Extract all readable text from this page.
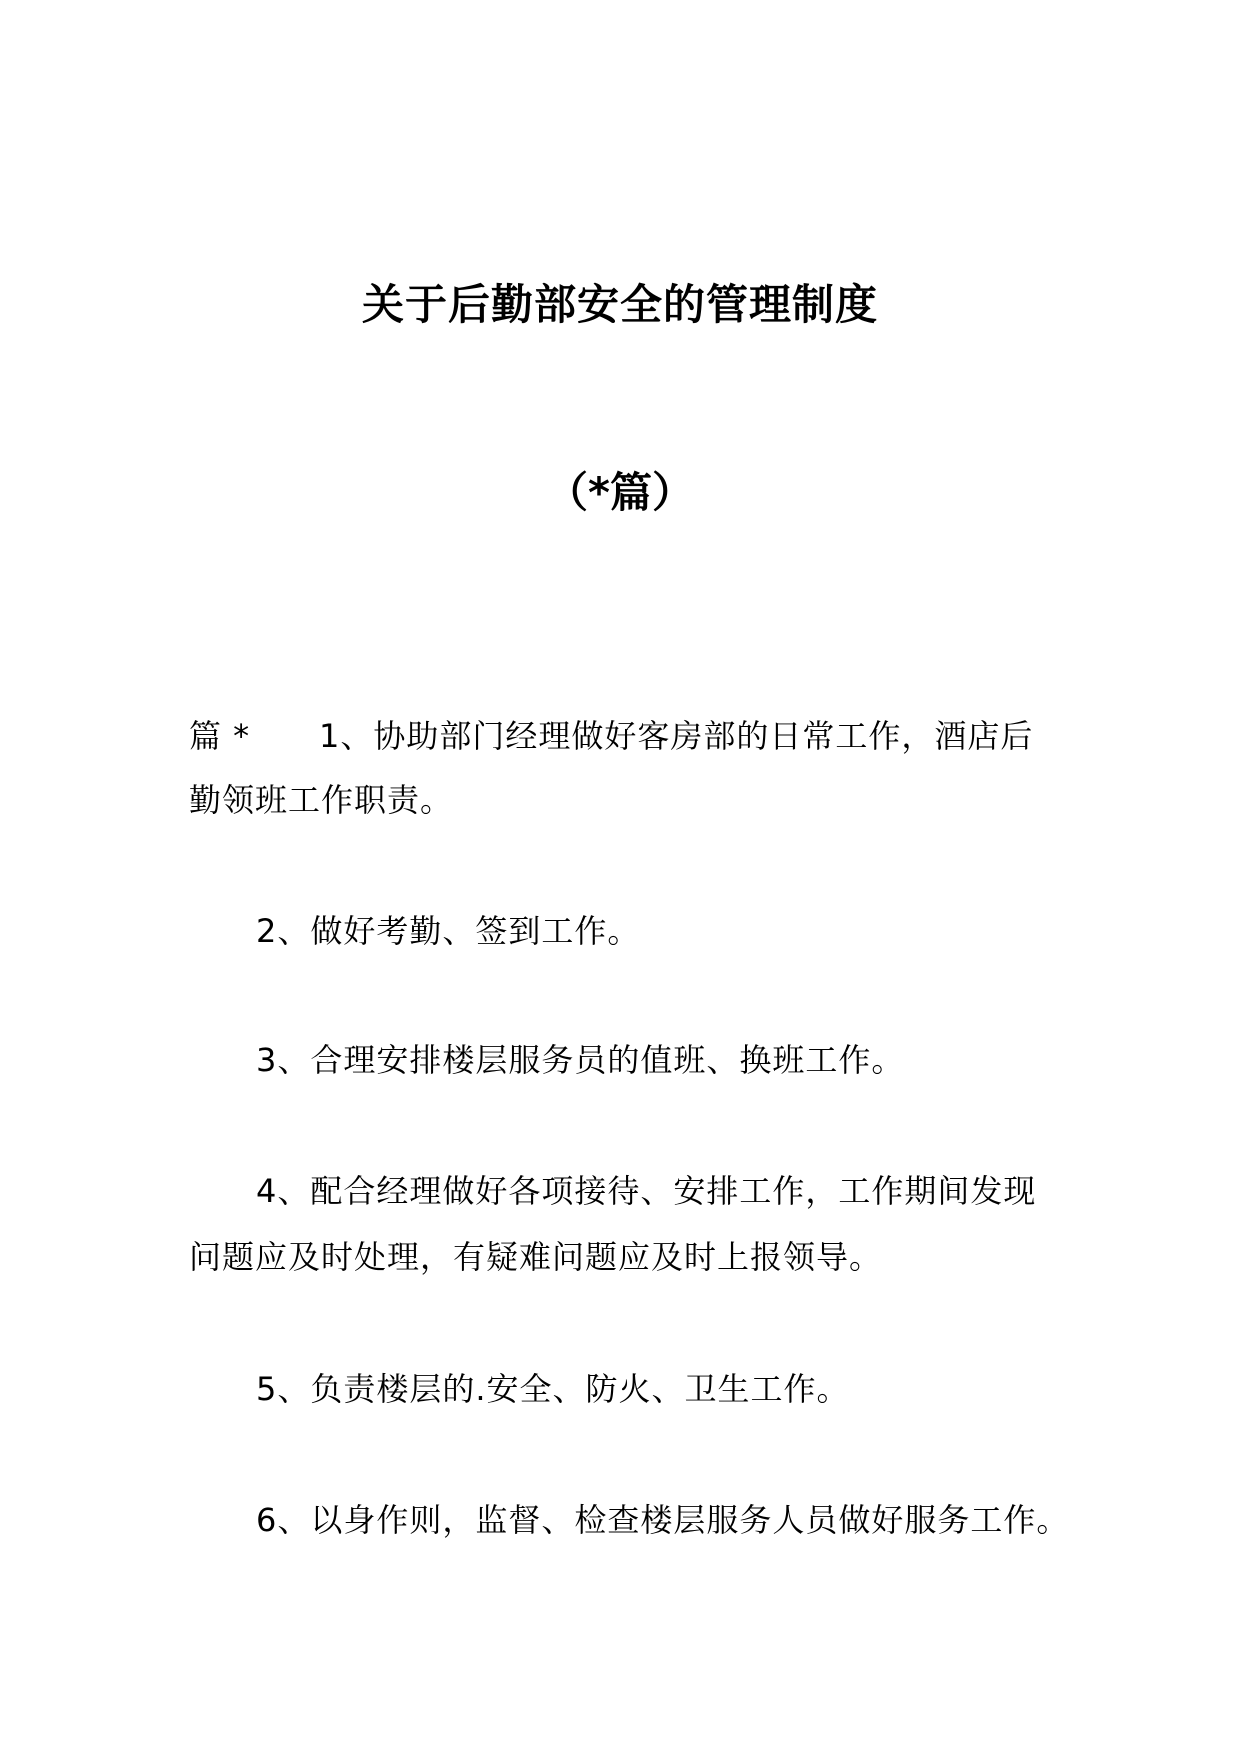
关于后勤部安全的管理制度
（*篇）
篇 * 1、协助部门经理做好客房部的日常工作，酒店后
勤领班工作职责。
2、做好考勤、签到工作。
3、合理安排楼层服务员的值班、换班工作。
4、配合经理做好各项接待、安排工作，工作期间发现
问题应及时处理，有疑难问题应及时上报领导。
5、负责楼层的.安全、防火、卫生工作。
6、以身作则，监督、检查楼层服务人员做好服务工作。
